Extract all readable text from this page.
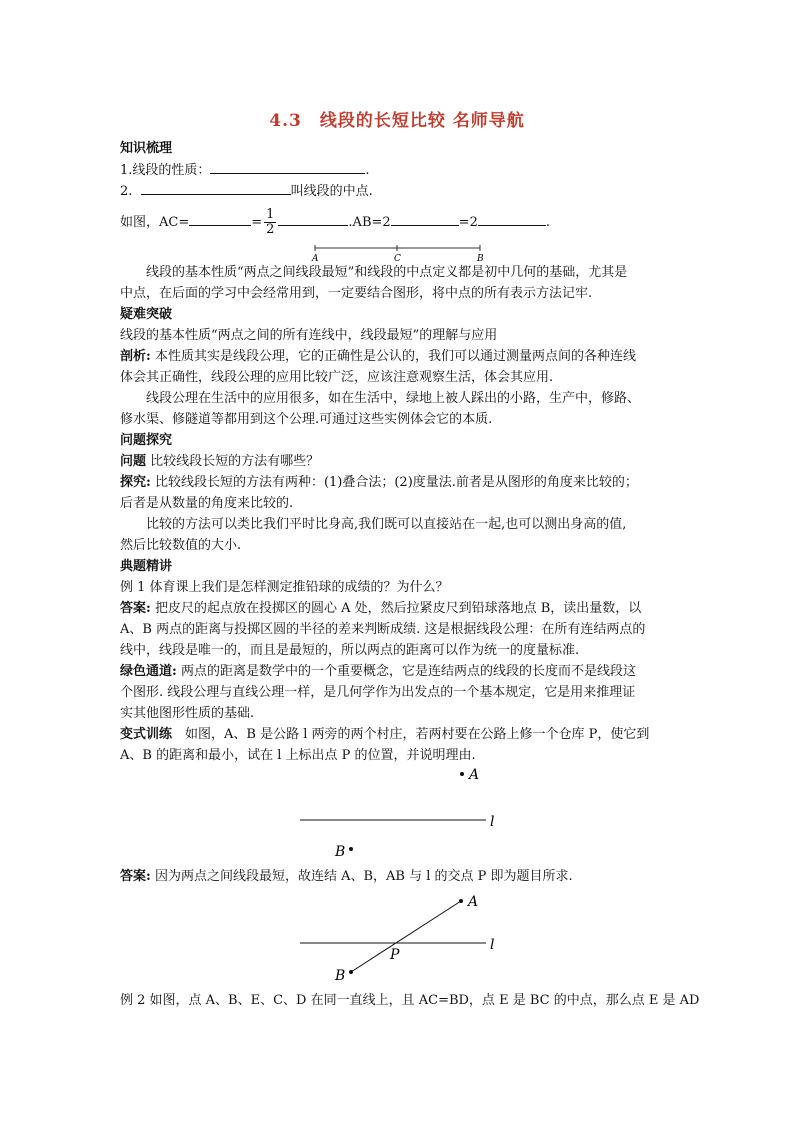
4.3　线段的长短比较 名师导航
知识梳理
1.线段的性质：	.
2.	叫线段的中点.
如图，AC=	= $\frac{1}{2}$	.AB=2	=2	.
A	C	B
线段的基本性质“两点之间线段最短”和线段的中点定义都是初中几何的基础，尤其是
中点，在后面的学习中会经常用到，一定要结合图形，将中点的所有表示方法记牢.
疑难突破
线段的基本性质“两点之间的所有连线中，线段最短”的理解与应用
剖析: 本性质其实是线段公理，它的正确性是公认的，我们可以通过测量两点间的各种连线
体会其正确性，线段公理的应用比较广泛，应该注意观察生活，体会其应用.
线段公理在生活中的应用很多，如在生活中，绿地上被人踩出的小路，生产中，修路、
修水渠、修隧道等都用到这个公理.可通过这些实例体会它的本质.
问题探究
问题 比较线段长短的方法有哪些？
探究: 比较线段长短的方法有两种：(1)叠合法；(2)度量法.前者是从图形的角度来比较的；
后者是从数量的角度来比较的.
比较的方法可以类比我们平时比身高,我们既可以直接站在一起,也可以测出身高的值,
然后比较数值的大小.
典题精讲
例 1 体育课上我们是怎样测定推铅球的成绩的？为什么？
答案: 把皮尺的起点放在投掷区的圆心 A 处，然后拉紧皮尺到铅球落地点 B，读出量数，以
A、B 两点的距离与投掷区圆的半径的差来判断成绩. 这是根据线段公理：在所有连结两点的
线中，线段是唯一的，而且是最短的，所以两点的距离可以作为统一的度量标准.
绿色通道: 两点的距离是数学中的一个重要概念，它是连结两点的线段的长度而不是线段这
个图形. 线段公理与直线公理一样，是几何学作为出发点的一个基本规定，它是用来推理证
实其他图形性质的基础.
变式训练　如图，A、B 是公路 l 两旁的两个村庄，若两村要在公路上修一个仓库 P，使它到
A、B 的距离和最小，试在 l 上标出点 P 的位置，并说明理由.
A
l
B
答案: 因为两点之间线段最短，故连结 A、B，AB 与 l 的交点 P 即为题目所求.
A
l
B
P
例 2 如图，点 A、B、E、C、D 在同一直线上，且 AC=BD，点 E 是 BC 的中点，那么点 E 是 AD
